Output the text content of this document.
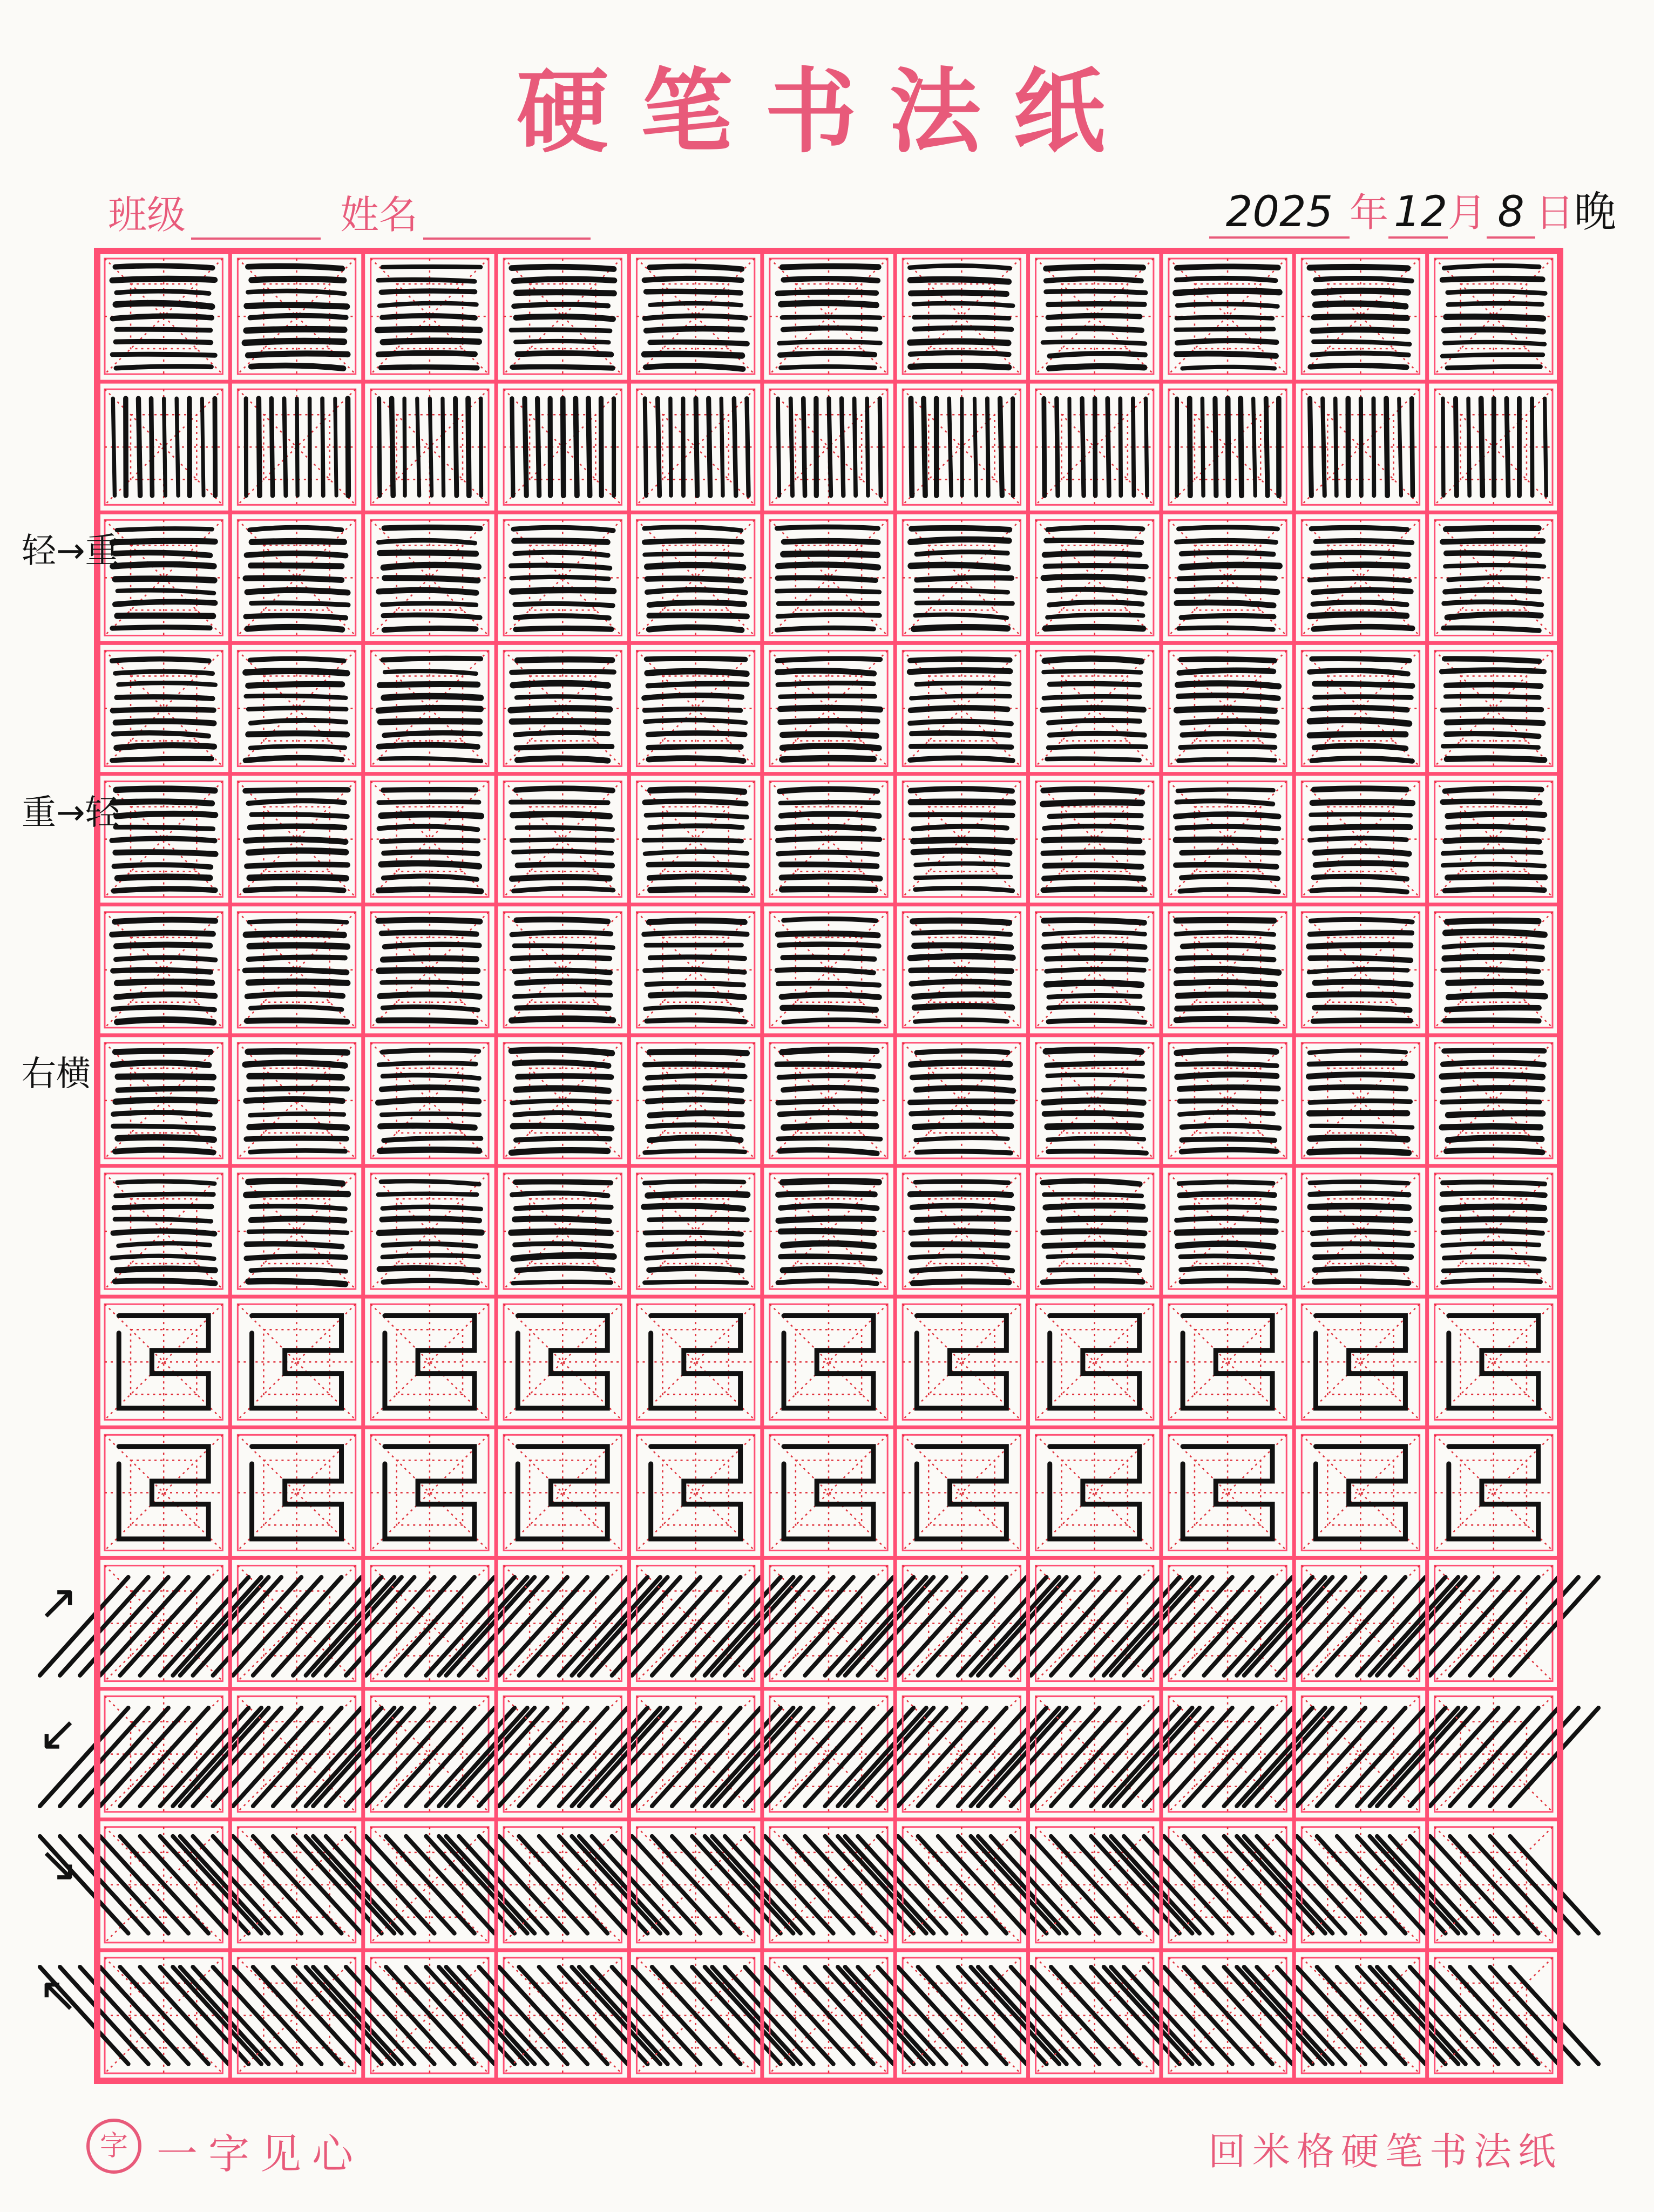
硬笔书法纸
班级	姓名	2025 年 12月 8 日晚
轻→重
重→轻
右横
↗
↙
↘
↖
字 一字见心	回米格硬笔书法纸
